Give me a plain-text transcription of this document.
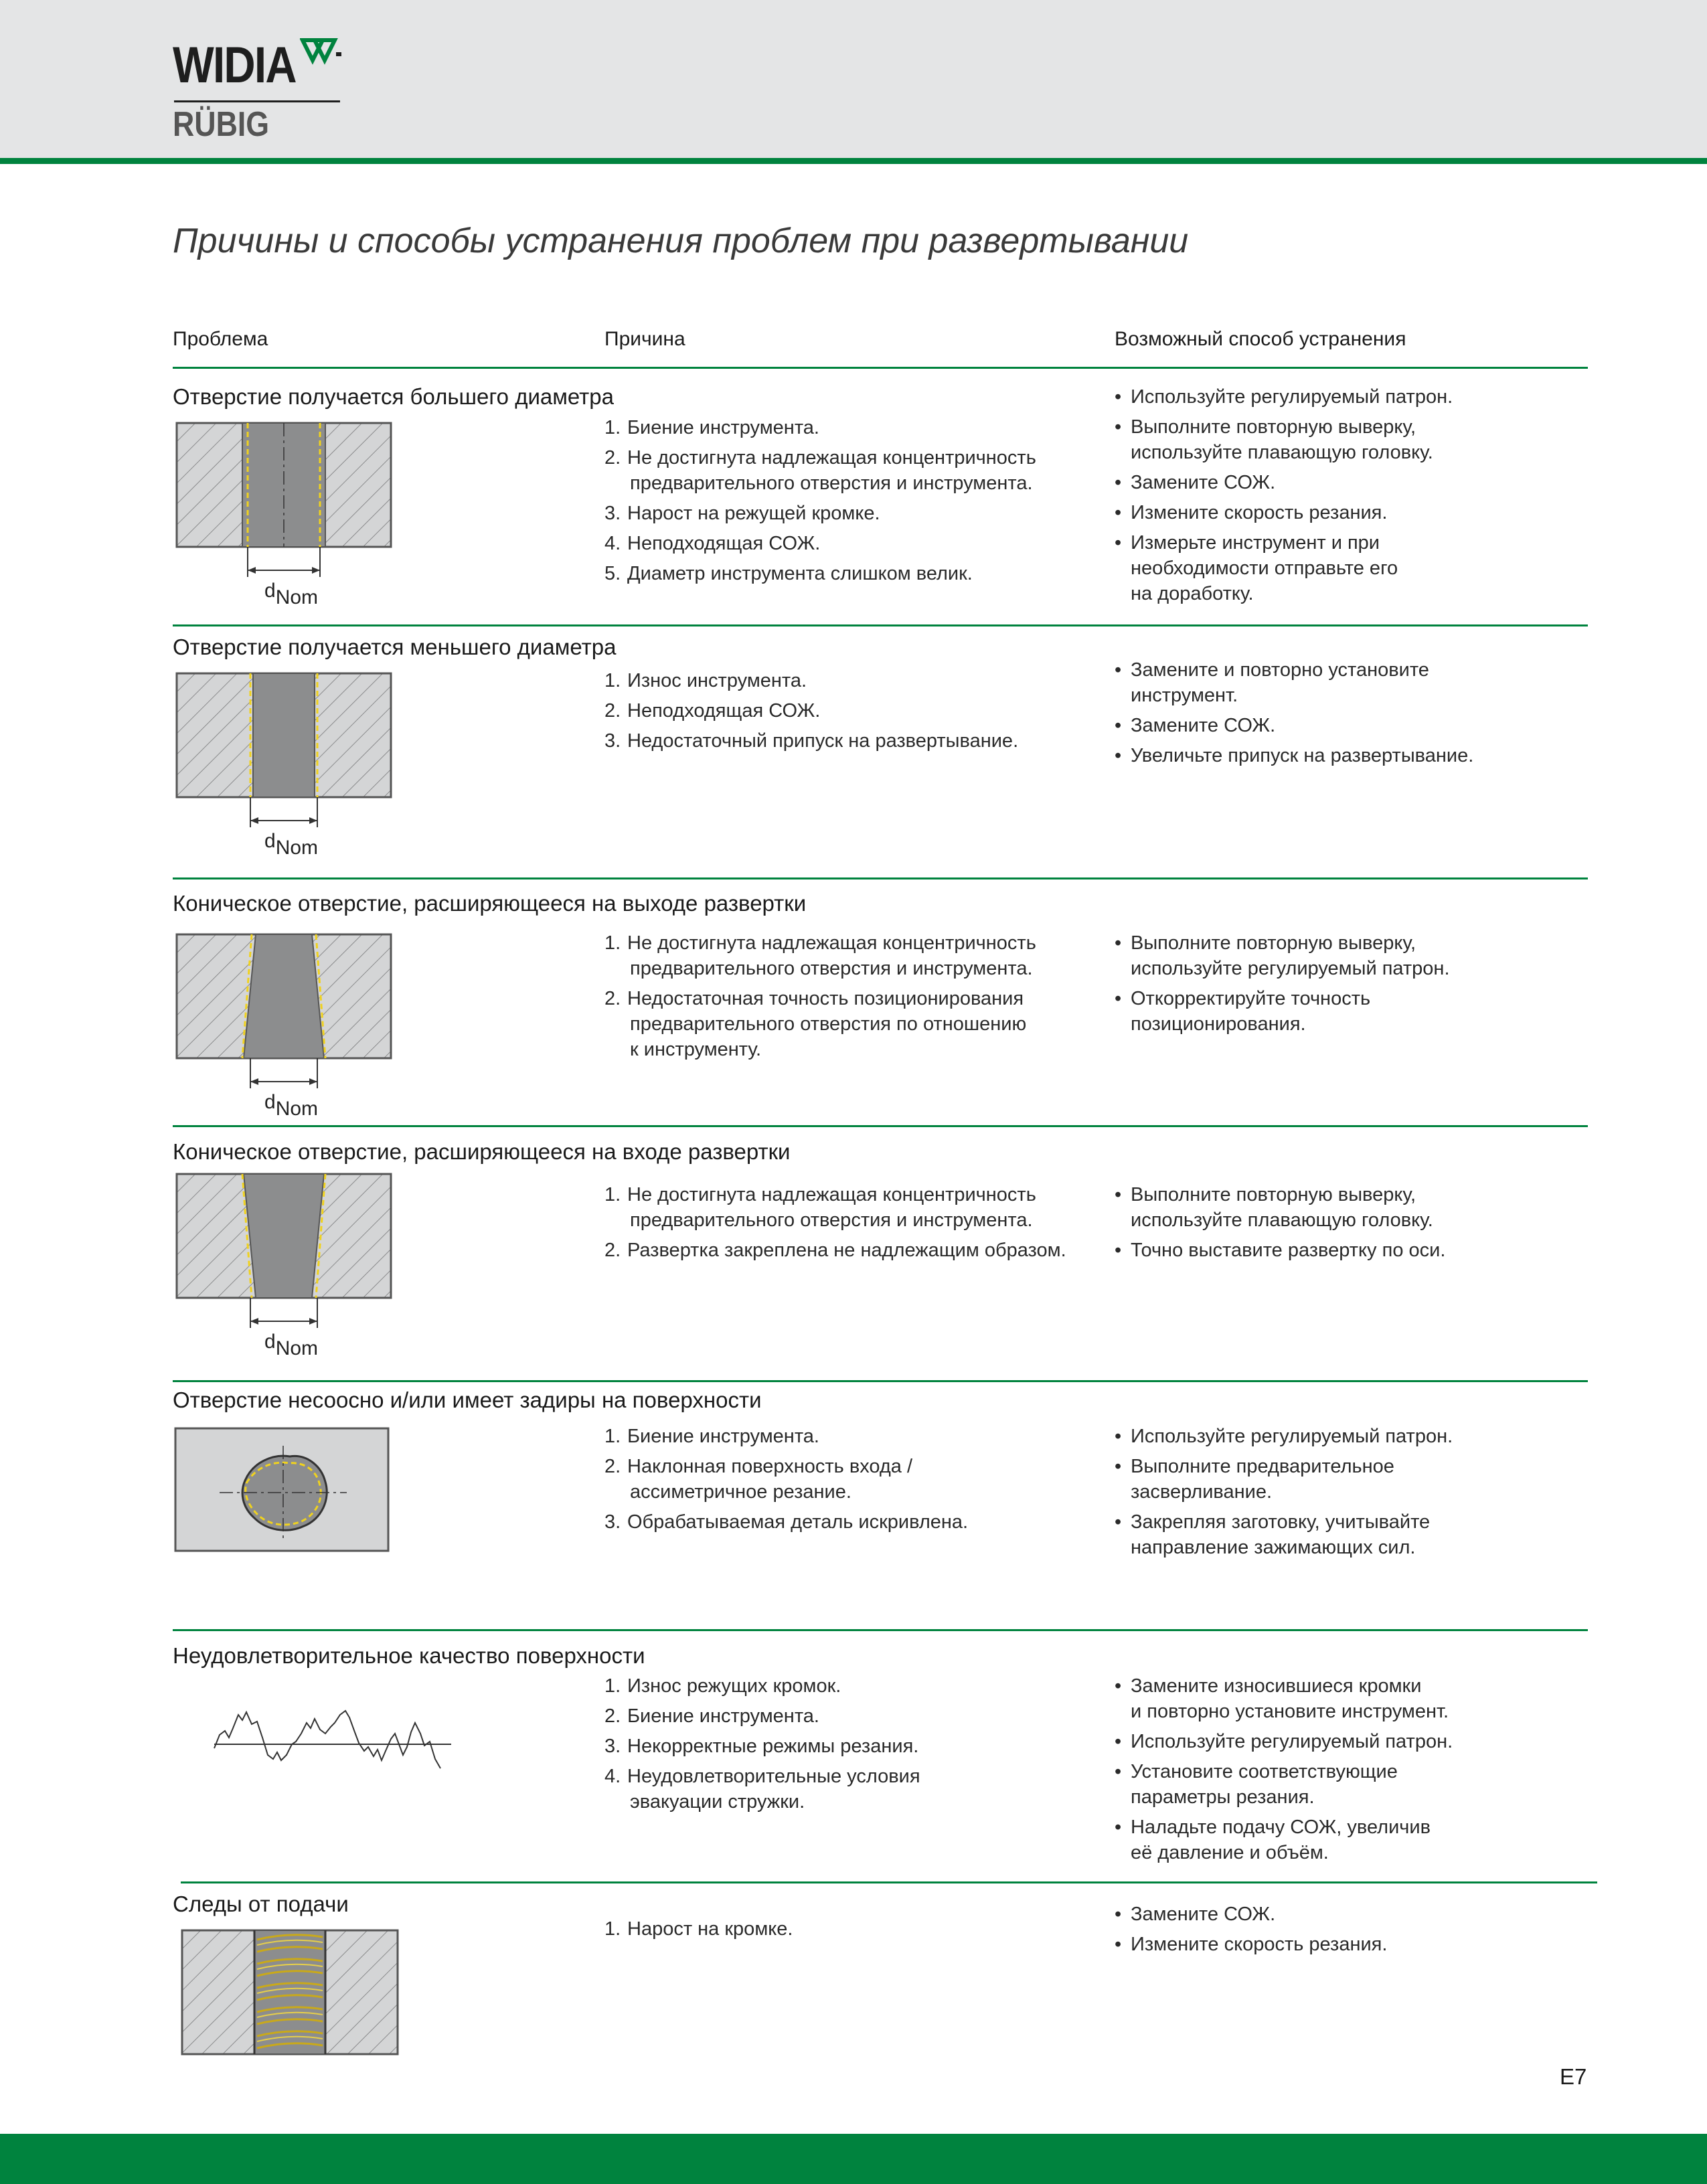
WIDIA
RÜBIG
Причины и способы устранения проблем при развертывании
Проблема	Причина	Возможный способ устранения
Отверстие получается большего диаметра
Отверстие получается меньшего диаметра
Коническое отверстие, расширяющееся на выходе развертки
Коническое отверстие, расширяющееся на входе развертки
Отверстие несоосно и/или имеет задиры на поверхности
Неудовлетворительное качество поверхности
Следы от подачи
1. Биение инструмента.
2. Не достигнута надлежащая концентричность
предварительного отверстия и инструмента.
3. Нарост на режущей кромке.
4. Неподходящая СОЖ.
5. Диаметр инструмента слишком велик.
• Используйте регулируемый патрон.
• Выполните повторную выверку,
используйте плавающую головку.
• Замените СОЖ.
• Измените скорость резания.
• Измерьте инструмент и при
необходимости отправьте его
на доработку.
1. Износ инструмента.
2. Неподходящая СОЖ.
3. Недостаточный припуск на развертывание.
• Замените и повторно установите
инструмент.
• Замените СОЖ.
• Увеличьте припуск на развертывание.
1. Не достигнута надлежащая концентричность
предварительного отверстия и инструмента.
2. Недостаточная точность позиционирования
предварительного отверстия по отношению
к инструменту.
• Выполните повторную выверку,
используйте регулируемый патрон.
• Откорректируйте точность
позиционирования.
1. Не достигнута надлежащая концентричность
предварительного отверстия и инструмента.
2. Развертка закреплена не надлежащим образом.
• Выполните повторную выверку,
используйте плавающую головку.
• Точно выставите развертку по оси.
1. Биение инструмента.
2. Наклонная поверхность входа /
ассиметричное резание.
3. Обрабатываемая деталь искривлена.
• Используйте регулируемый патрон.
• Выполните предварительное
засверливание.
• Закрепляя заготовку, учитывайте
направление зажимающих сил.
1. Износ режущих кромок.
2. Биение инструмента.
3. Некорректные режимы резания.
4. Неудовлетворительные условия
эвакуации стружки.
• Замените износившиеся кромки
и повторно установите инструмент.
• Используйте регулируемый патрон.
• Установите соответствующие
параметры резания.
• Наладьте подачу СОЖ, увеличив
её давление и объём.
1. Нарост на кромке.
• Замените СОЖ.
• Измените скорость резания.
dNom
dNom
dNom
dNom
E7
